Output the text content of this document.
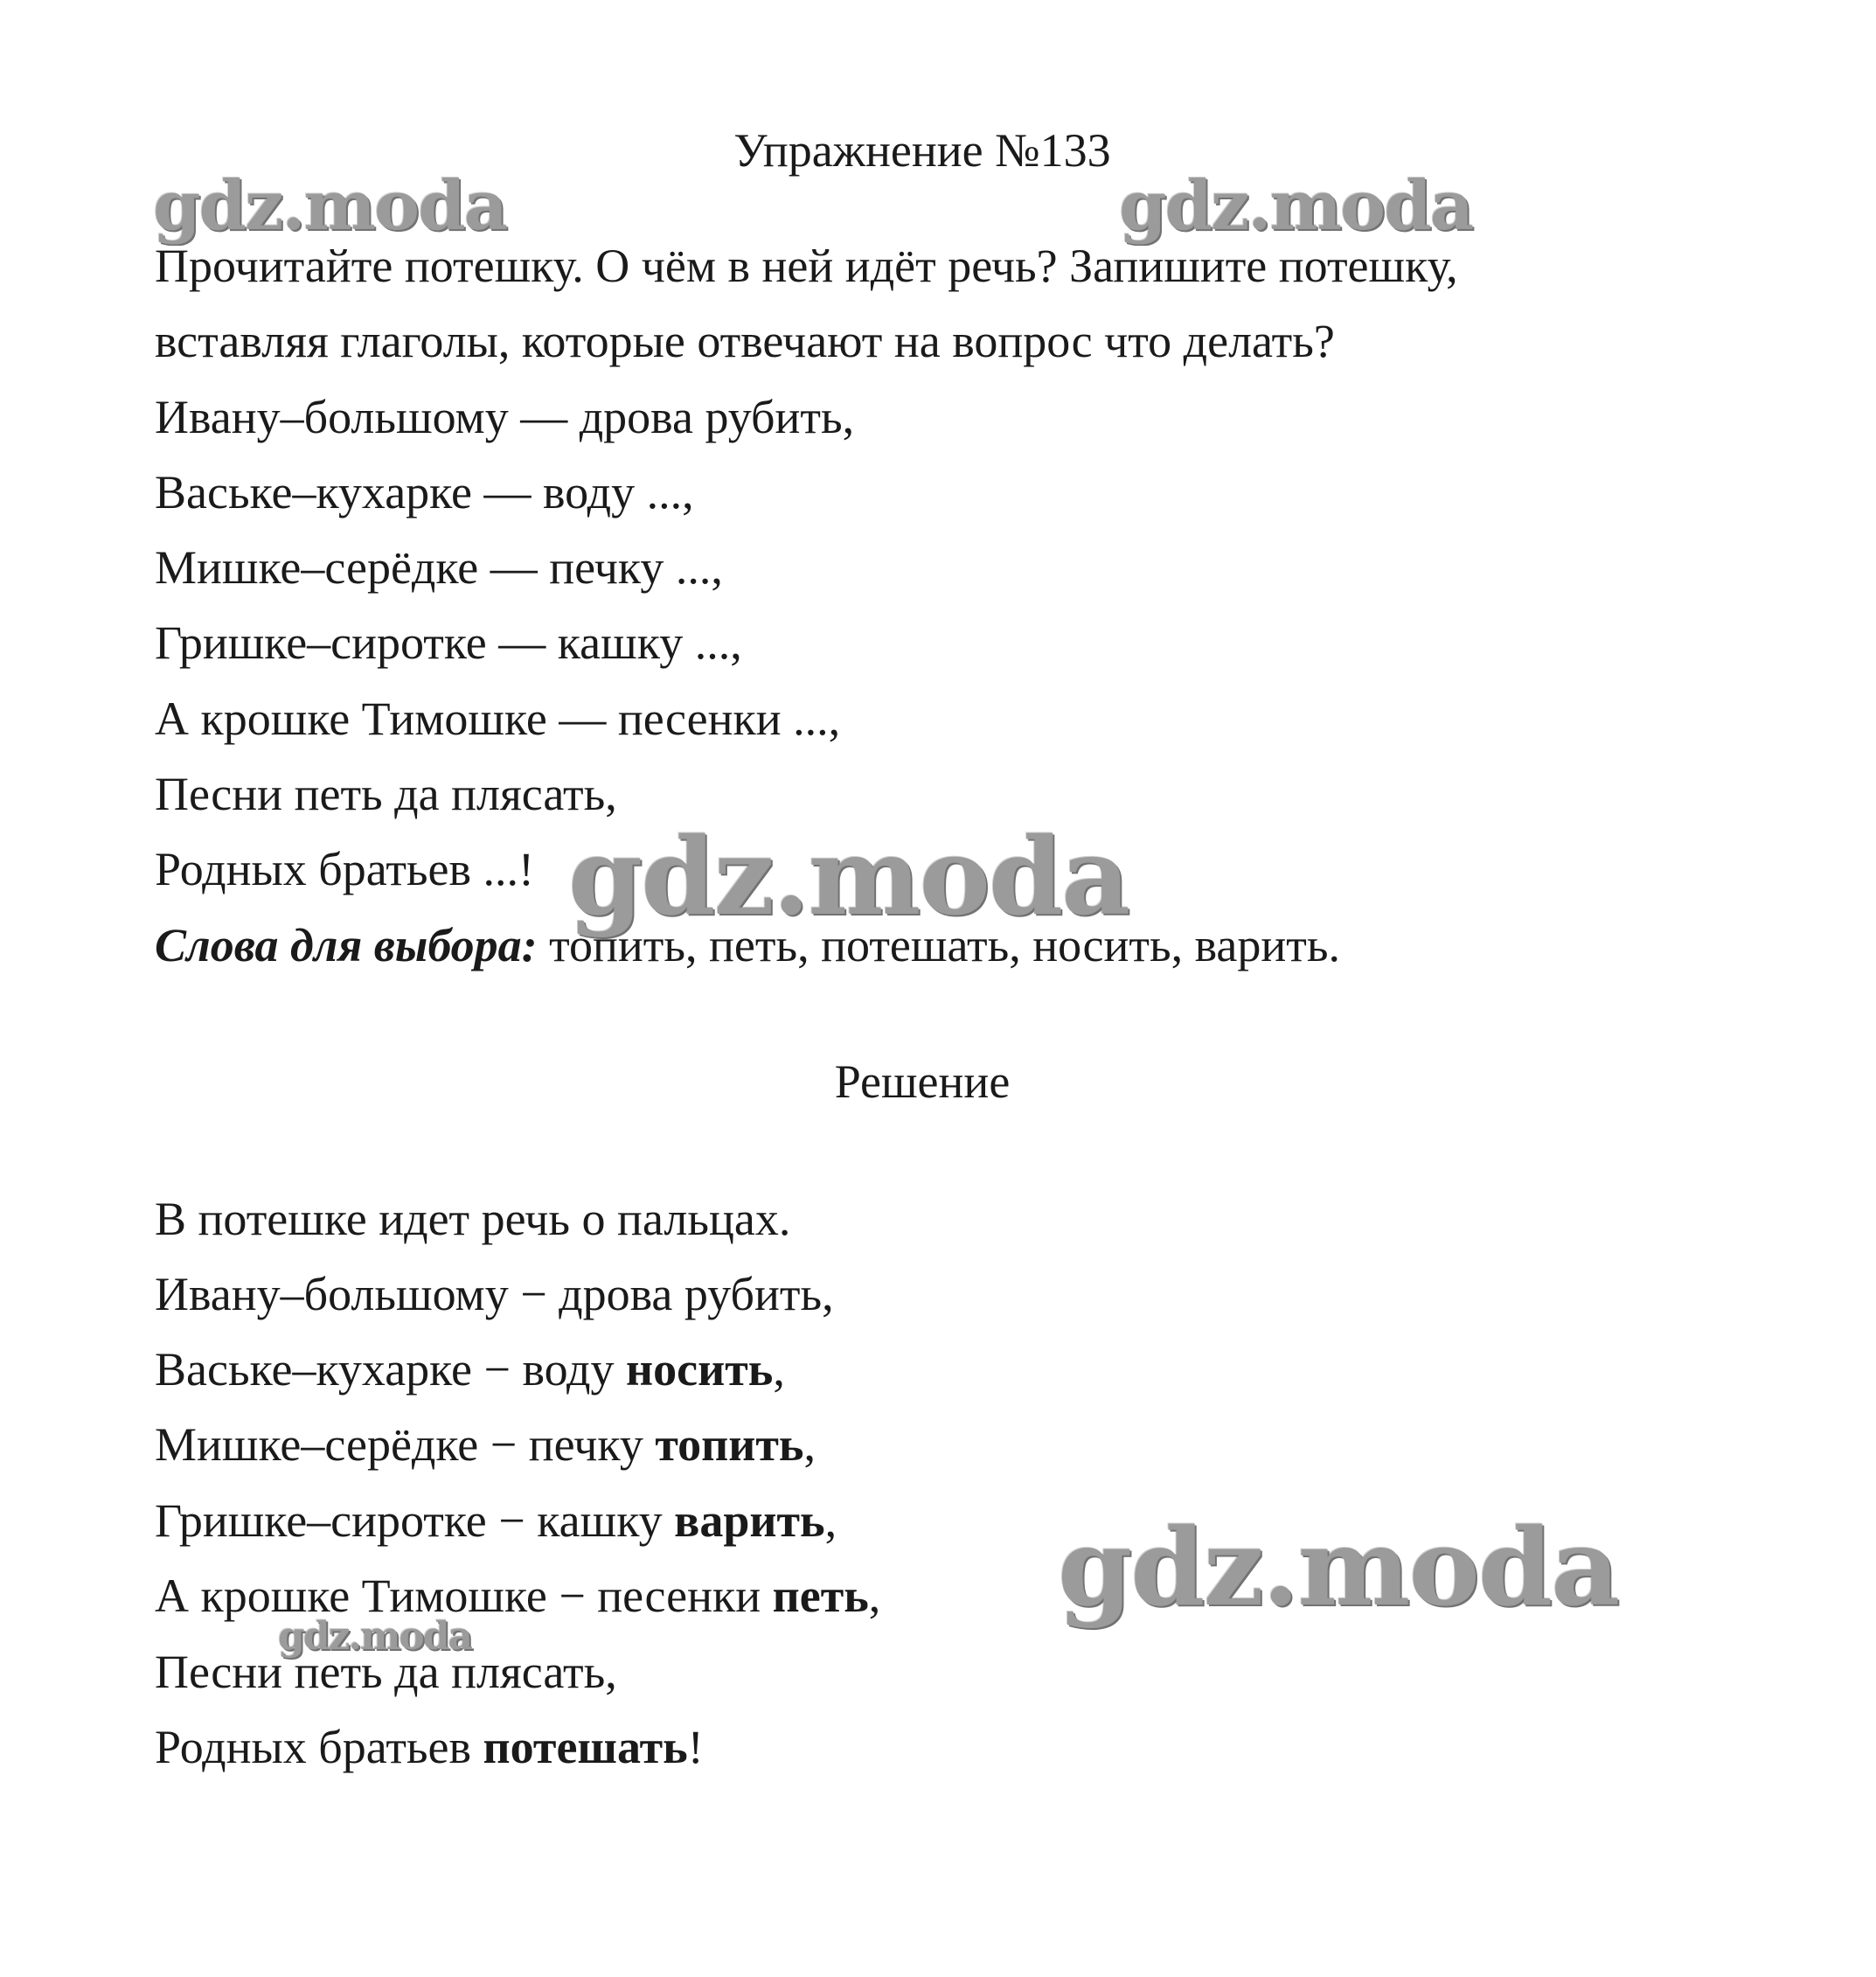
Упражнение №133
gdz.moda	gdz.moda
Прочитайте потешку. О чём в ней идёт речь? Запишите потешку,
вставляя глаголы, которые отвечают на вопрос что делать?
Ивану–большому — дрова рубить,
Ваське–кухарке — воду ...,
Мишке–серёдке — печку ...,
Гришке–сиротке — кашку ...,
А крошке Тимошке — песенки ...,
Песни петь да плясать,
Родных братьев ...! gdz.moda
Слова для выбора: топить, петь, потешать, носить, варить.
Решение
В потешке идет речь о пальцах.
Ивану–большому − дрова рубить,
Ваське–кухарке − воду носить,
Мишке–серёдке − печку топить,
Гришке–сиротке − кашку варить,
А крошке Тимошке − песенки петь,
gdz.moda
gdz.moda
Песни петь да плясать,
Родных братьев потешать!
